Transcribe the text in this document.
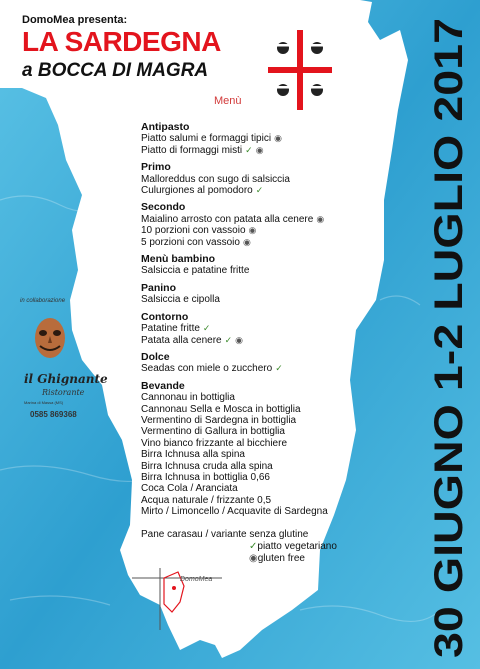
DomoMea presenta:
LA SARDEGNA
a BOCCA DI MAGRA
Menù
30 GIUGNO 1-2 LUGLIO 2017
Antipasto
Piatto salumi e formaggi tipici ◉
Piatto di formaggi misti ✓ ◉
Primo
Malloreddus con sugo di salsiccia
Culurgiones al pomodoro ✓
Secondo
Maialino arrosto con patata alla cenere ◉
10 porzioni con vassoio ◉
5 porzioni con vassoio ◉
Menù bambino
Salsiccia e patatine fritte
Panino
Salsiccia e cipolla
Contorno
Patatine fritte ✓
Patata alla cenere ✓ ◉
Dolce
Seadas con miele o zucchero ✓
Bevande
Cannonau in bottiglia
Cannonau Sella e Mosca in bottiglia
Vermentino di Sardegna in bottiglia
Vermentino di Gallura in bottiglia
Vino bianco frizzante al bicchiere
Birra Ichnusa alla spina
Birra Ichnusa cruda alla spina
Birra Ichnusa in bottiglia 0,66
Coca Cola / Aranciata
Acqua naturale / frizzante 0,5
Mirto / Limoncello / Acquavite di Sardegna
Pane carasau / variante senza glutine
✓piatto vegetariano
◉gluten free
in collaborazione
il Ghignante
Ristorante
Marina di Massa (MS)
0585 869368
DomoMea
